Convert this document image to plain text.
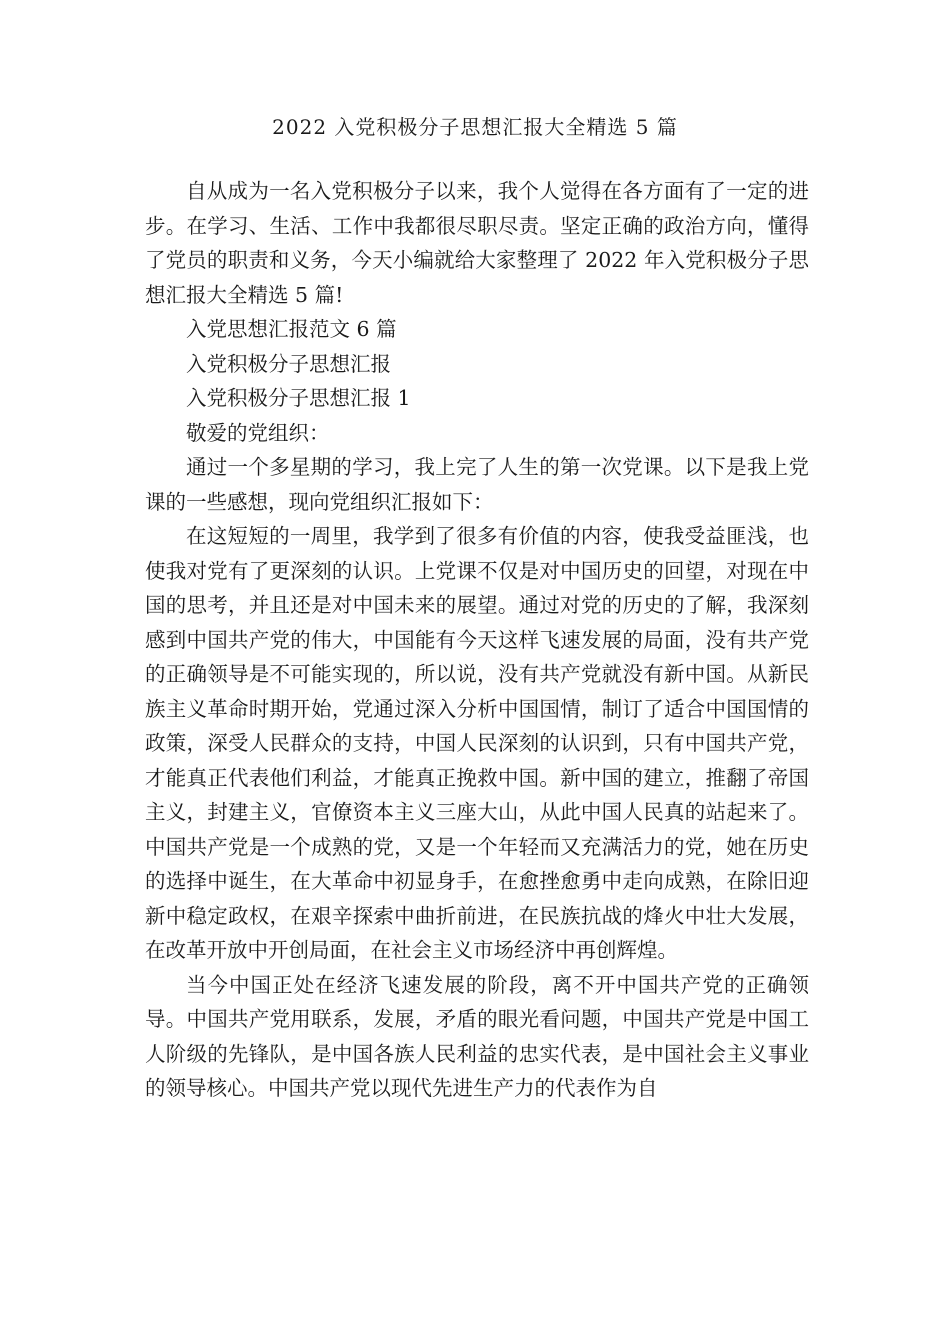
2022 入党积极分子思想汇报大全精选 5 篇

自从成为一名入党积极分子以来，我个人觉得在各方面有了一定的进步。在学习、生活、工作中我都很尽职尽责。坚定正确的政治方向，懂得了党员的职责和义务，今天小编就给大家整理了 2022 年入党积极分子思想汇报大全精选 5 篇!

入党思想汇报范文 6 篇

入党积极分子思想汇报

入党积极分子思想汇报 1

敬爱的党组织：

通过一个多星期的学习，我上完了人生的第一次党课。以下是我上党课的一些感想，现向党组织汇报如下：

在这短短的一周里，我学到了很多有价值的内容，使我受益匪浅，也使我对党有了更深刻的认识。上党课不仅是对中国历史的回望，对现在中国的思考，并且还是对中国未来的展望。通过对党的历史的了解，我深刻感到中国共产党的伟大，中国能有今天这样飞速发展的局面，没有共产党的正确领导是不可能实现的，所以说，没有共产党就没有新中国。从新民族主义革命时期开始，党通过深入分析中国国情，制订了适合中国国情的政策，深受人民群众的支持，中国人民深刻的认识到，只有中国共产党，才能真正代表他们利益，才能真正挽救中国。新中国的建立，推翻了帝国主义，封建主义，官僚资本主义三座大山，从此中国人民真的站起来了。中国共产党是一个成熟的党，又是一个年轻而又充满活力的党，她在历史的选择中诞生，在大革命中初显身手，在愈挫愈勇中走向成熟，在除旧迎新中稳定政权，在艰辛探索中曲折前进，在民族抗战的烽火中壮大发展，在改革开放中开创局面，在社会主义市场经济中再创辉煌。

当今中国正处在经济飞速发展的阶段，离不开中国共产党的正确领导。中国共产党用联系，发展，矛盾的眼光看问题，中国共产党是中国工人阶级的先锋队，是中国各族人民利益的忠实代表，是中国社会主义事业的领导核心。中国共产党以现代先进生产力的代表作为自
